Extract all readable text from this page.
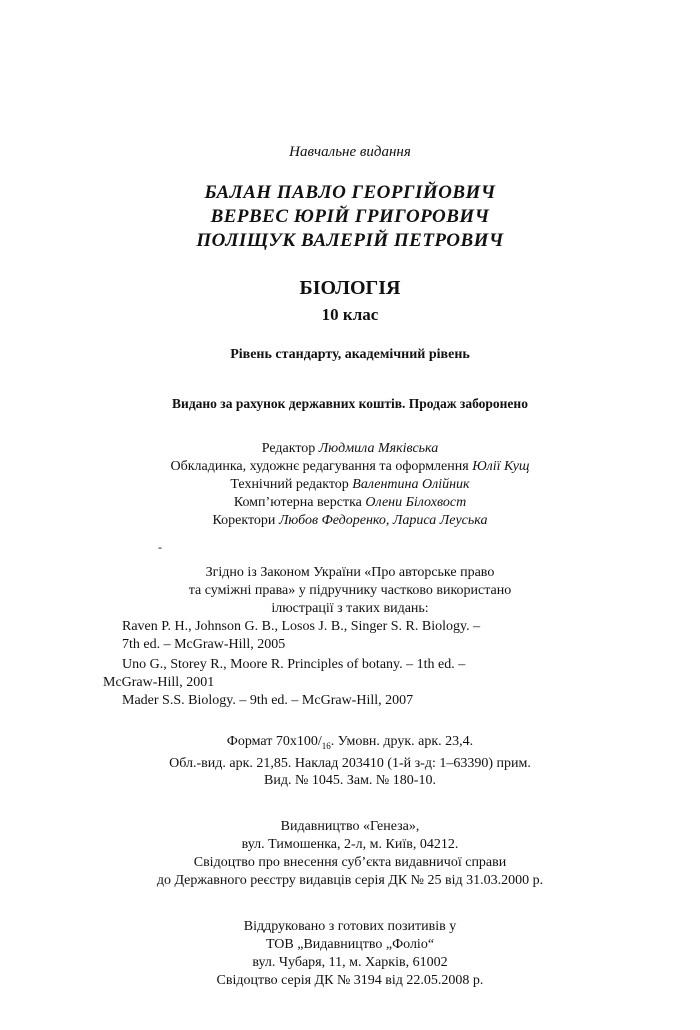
Навчальне видання
БАЛАН ПАВЛО ГЕОРГІЙОВИЧ
ВЕРВЕС ЮРІЙ ГРИГОРОВИЧ
ПОЛІЩУК ВАЛЕРІЙ ПЕТРОВИЧ
БІОЛОГІЯ
10 клас
Рівень стандарту, академічний рівень
Видано за рахунок державних коштів. Продаж заборонено
Редактор Людмила Мяківська
Обкладинка, художнє редагування та оформлення Юлії Кущ
Технічний редактор Валентина Олійник
Комп’ютерна верстка Олени Білохвост
Коректори Любов Федоренко, Лариса Леуська
-
Згідно із Законом України «Про авторське право
та суміжні права» у підручнику частково використано
ілюстрації з таких видань:
Raven P. H., Johnson G. B., Losos J. B., Singer S. R. Biology. –
7th ed. – McGraw-Hill, 2005
Uno G., Storey R., Moore R. Principles of botany. – 1th ed. –
McGraw-Hill, 2001
Mader S.S. Biology. – 9th ed. – McGraw-Hill, 2007
Формат $70x100/_{16}$. Умовн. друк. арк. 23,4.
Обл.-вид. арк. 21,85. Наклад 203410 (1-й з-д: 1–63390) прим.
Вид. № 1045. Зам. № 180-10.
Видавництво «Генеза»,
вул. Тимошенка, 2-л, м. Київ, 04212.
Свідоцтво про внесення суб’єкта видавничої справи
до Державного реєстру видавців серія ДК № 25 від 31.03.2000 р.
Віддруковано з готових позитивів у
ТОВ „Видавництво „Фоліо“
вул. Чубаря, 11, м. Харків, 61002
Свідоцтво серія ДК № 3194 від 22.05.2008 р.
